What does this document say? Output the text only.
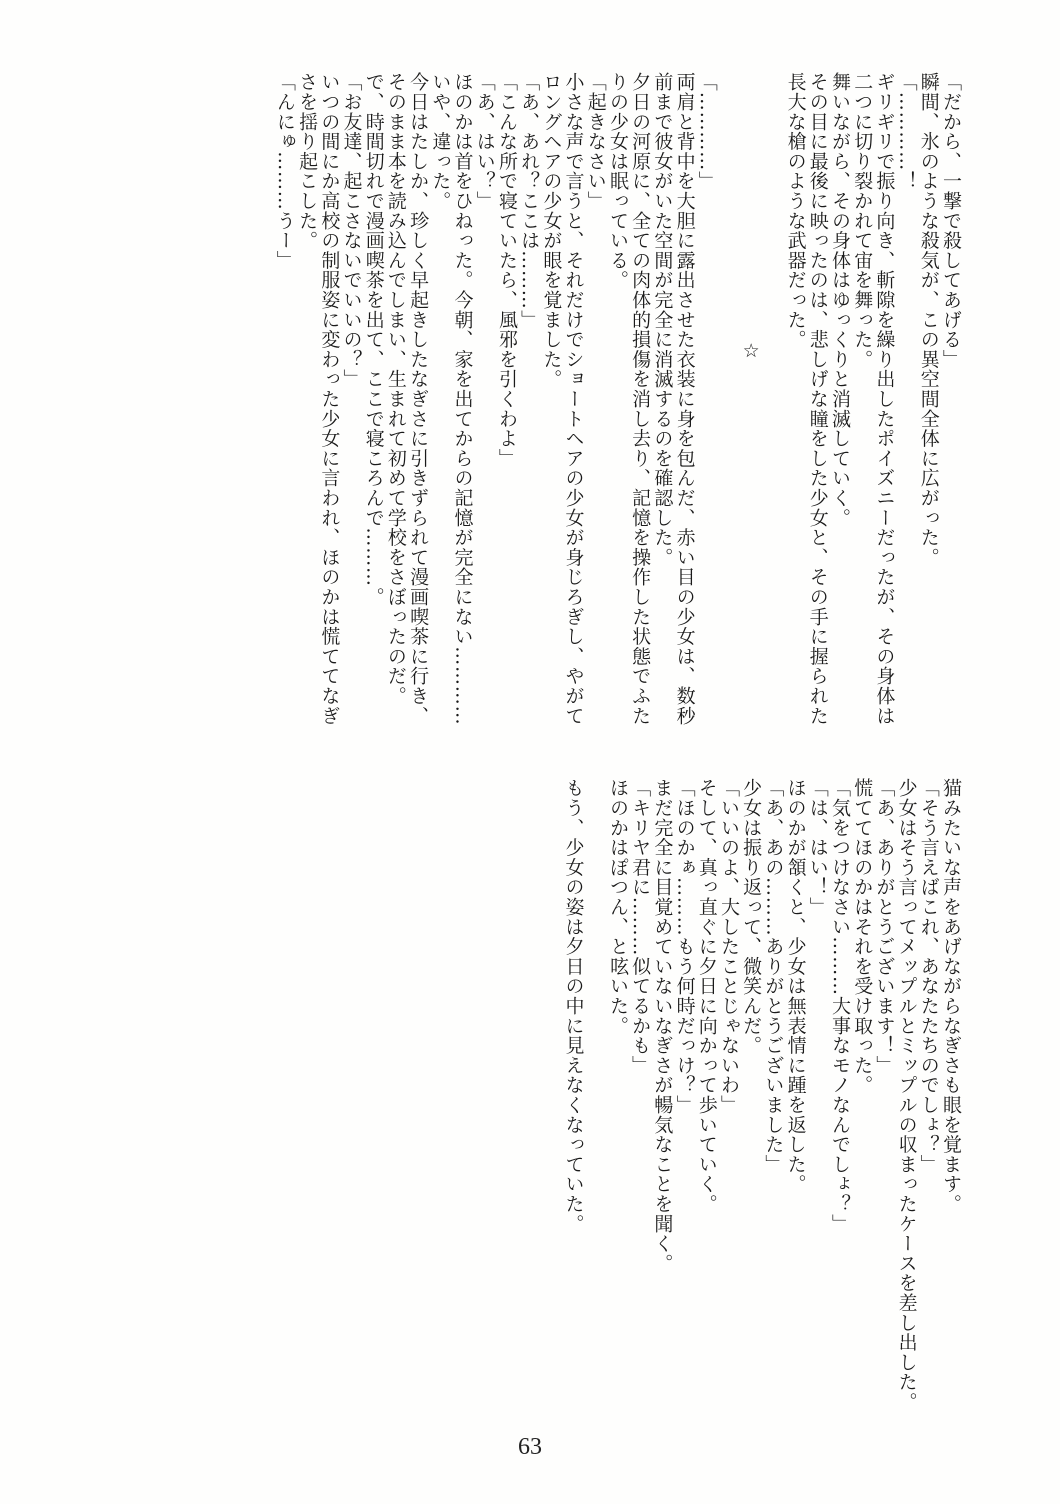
「だから、一撃で殺してあげる」

瞬間、氷のような殺気が、この異空間全体に広がった。

「…………！

ギリギリで振り向き、斬隙を繰り出したポイズニーだったが、その身体は

二つに切り裂かれて宙を舞った。

舞いながら、その身体はゆっくりと消滅していく。

その目に最後に映ったのは、悲しげな瞳をした少女と、その手に握られた

長大な槍のような武器だった。

☆

「…………」

両肩と背中を大胆に露出させた衣装に身を包んだ、赤い目の少女は、数秒

前まで彼女がいた空間が完全に消滅するのを確認した。

夕日の河原に、全ての肉体的損傷を消し去り、記憶を操作した状態でふた

りの少女は眠っている。

「起きなさい」

小さな声で言うと、それだけでショートヘアの少女が身じろぎし、やがて

ロングヘアの少女が眼を覚ました。

「あ、あれ？ここは………」

「こんな所で寝ていたら、風邪を引くわよ」

「あ、はい？」

ほのかは首をひねった。今朝、家を出てからの記憶が完全にない…………

いや、違った。

今日はたしか、珍しく早起きしたなぎさに引きずられて漫画喫茶に行き、

そのまま本を読み込んでしまい、生まれて初めて学校をさぼったのだ。

で、時間切れで漫画喫茶を出て、ここで寝ころんで………。

「お友達、起こさないでいいの？」

いつの間にか高校の制服姿に変わった少女に言われ、ほのかは慌ててなぎ

さを揺り起こした。

「んにゅ………うー」

猫みたいな声をあげながらなぎさも眼を覚ます。

「そう言えばこれ、あなたたちのでしょ？」

少女はそう言ってメップルとミップルの収まったケースを差し出した。

「あ、ありがとうございます！」

慌ててほのかはそれを受け取った。

「気をつけなさい………大事なモノなんでしょ？」

「は、はい！」

ほのかが頷くと、少女は無表情に踵を返した。

「あ、あの………ありがとうございました」

少女は振り返って、微笑んだ。

「いいのよ、大したことじゃないわ」

そして、真っ直ぐに夕日に向かって歩いていく。

「ほのかぁ………もう何時だっけ？」

まだ完全に目覚めていないなぎさが暢気なことを聞く。

「キリヤ君に………似てるかも」

ほのかはぽつん、と呟いた。

もう、少女の姿は夕日の中に見えなくなっていた。

63
